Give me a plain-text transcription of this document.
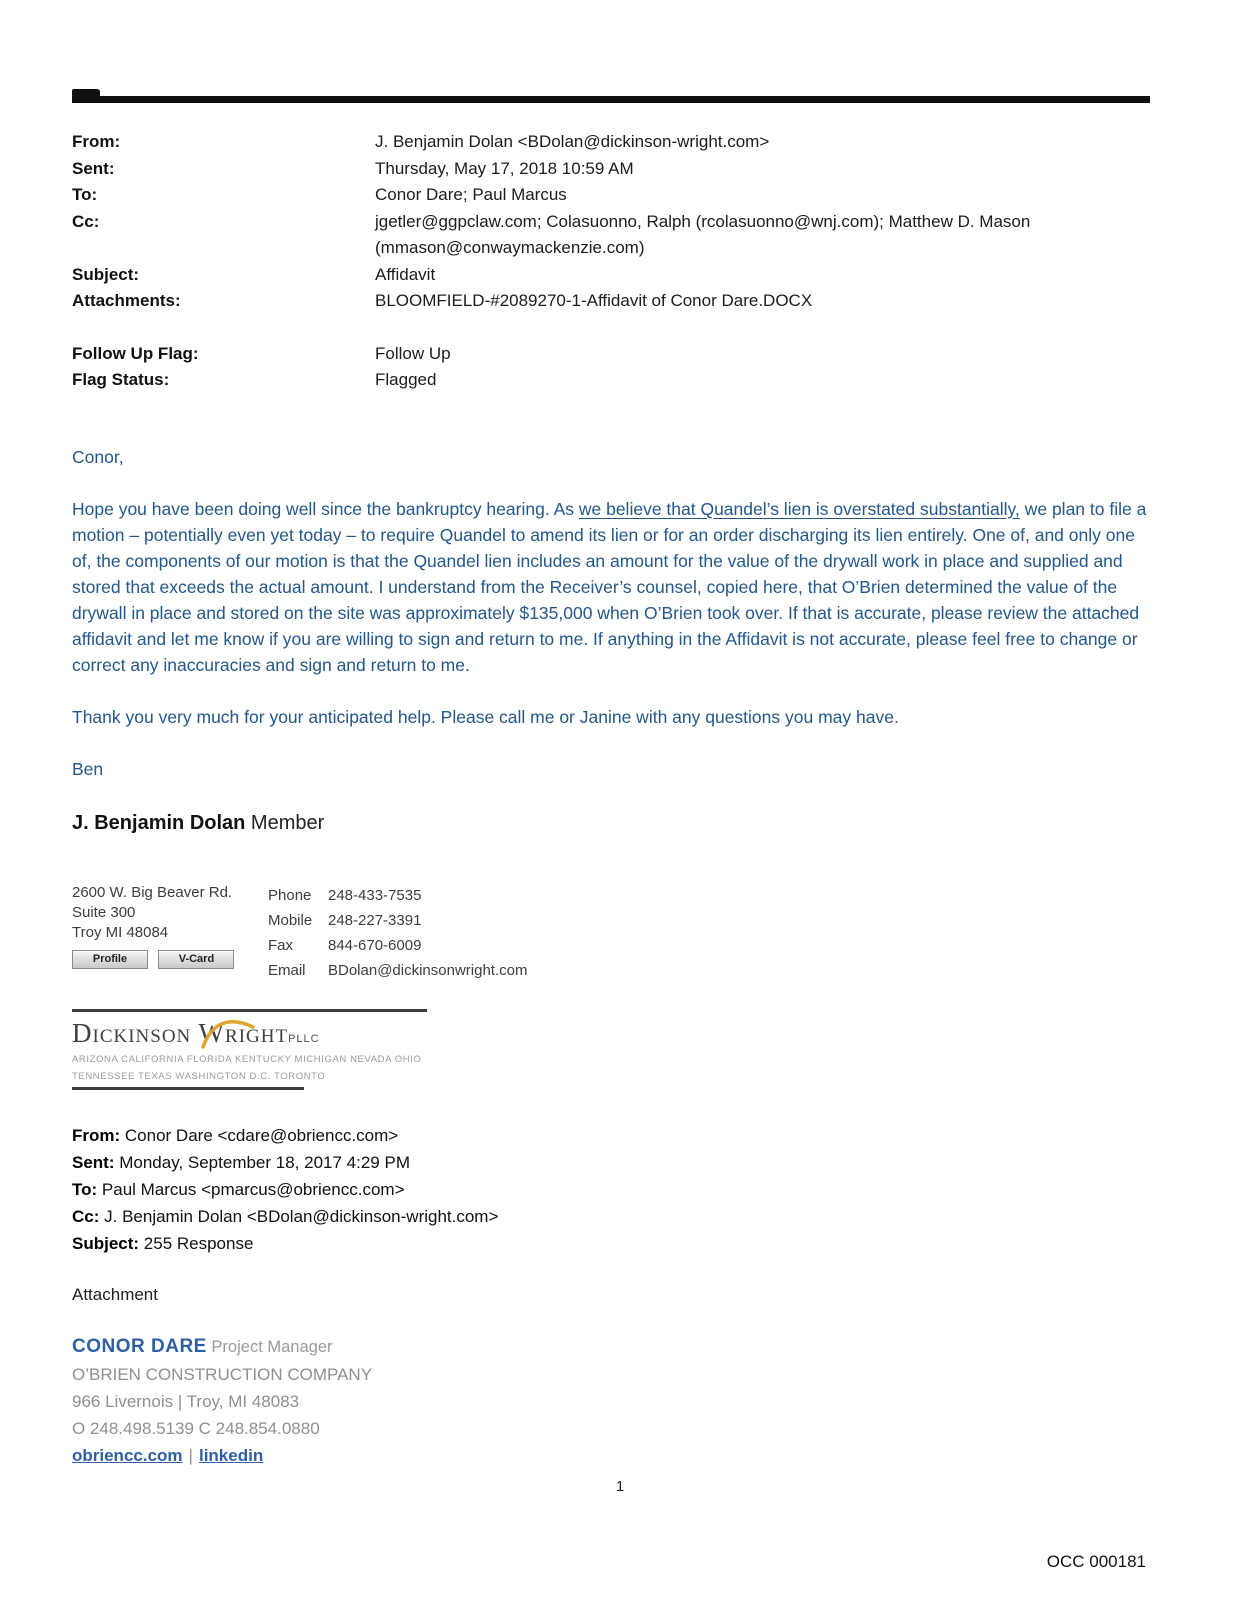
From:	J. Benjamin Dolan <BDolan@dickinson-wright.com>
Sent:	Thursday, May 17, 2018 10:59 AM
To:	Conor Dare; Paul Marcus
Cc:	jgetler@ggpclaw.com; Colasuonno, Ralph (rcolasuonno@wnj.com); Matthew D. Mason (mmason@conwaymackenzie.com)
Subject:	Affidavit
Attachments:	BLOOMFIELD-#2089270-1-Affidavit of Conor Dare.DOCX
Follow Up Flag:	Follow Up
Flag Status:	Flagged

Conor,

Hope you have been doing well since the bankruptcy hearing. As we believe that Quandel’s lien is overstated substantially, we plan to file a motion – potentially even yet today – to require Quandel to amend its lien or for an order discharging its lien entirely. One of, and only one of, the components of our motion is that the Quandel lien includes an amount for the value of the drywall work in place and supplied and stored that exceeds the actual amount. I understand from the Receiver’s counsel, copied here, that O’Brien determined the value of the drywall in place and stored on the site was approximately $135,000 when O’Brien took over. If that is accurate, please review the attached affidavit and let me know if you are willing to sign and return to me. If anything in the Affidavit is not accurate, please feel free to change or correct any inaccuracies and sign and return to me.

Thank you very much for your anticipated help. Please call me or Janine with any questions you may have.

Ben

J. Benjamin Dolan Member
2600 W. Big Beaver Rd.
Suite 300
Troy MI 48084
Profile	V-Card
Phone	248-433-7535
Mobile	248-227-3391
Fax	844-670-6009
Email	BDolan@dickinsonwright.com
Dickinson WrightPLLC
ARIZONA CALIFORNIA FLORIDA KENTUCKY MICHIGAN NEVADA OHIO
TENNESSEE TEXAS WASHINGTON D.C. TORONTO
From: Conor Dare <cdare@obriencc.com>
Sent: Monday, September 18, 2017 4:29 PM
To: Paul Marcus <pmarcus@obriencc.com>
Cc: J. Benjamin Dolan <BDolan@dickinson-wright.com>
Subject: 255 Response
Attachment
CONOR DARE Project Manager
O’BRIEN CONSTRUCTION COMPANY
966 Livernois | Troy, MI 48083
O 248.498.5139 C 248.854.0880
obriencc.com | linkedin
1
OCC 000181
